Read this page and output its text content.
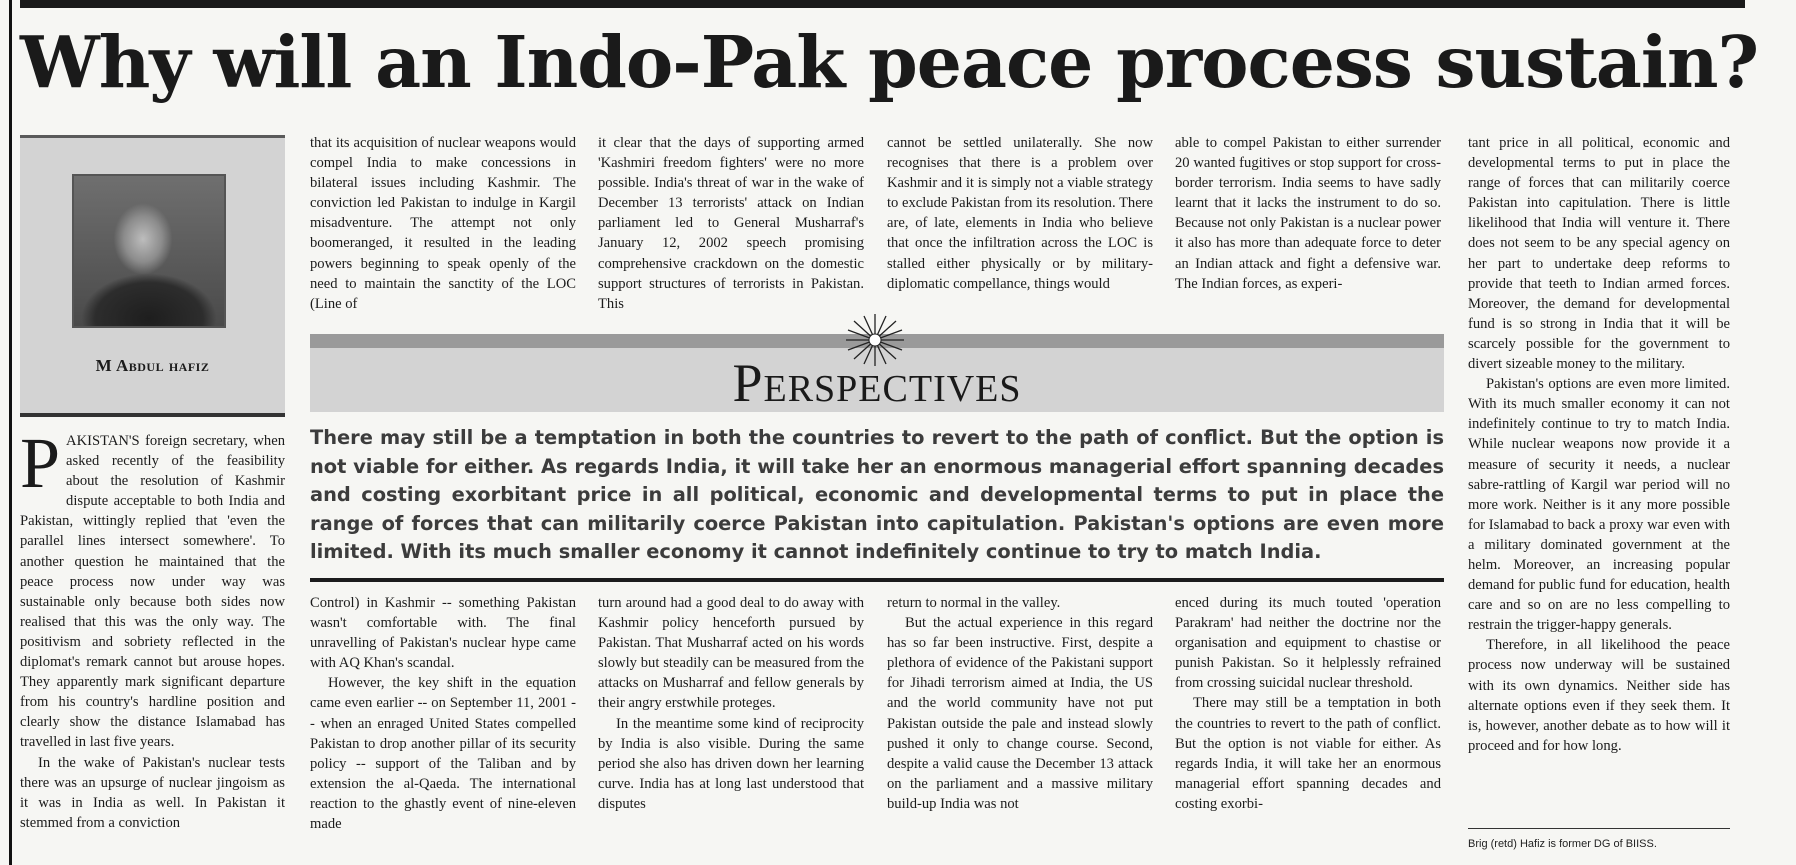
Why will an Indo-Pak peace process sustain?
M Abdul hafiz

PAKISTAN'S foreign secretary, when asked recently of the feasibility about the resolution of Kashmir dispute acceptable to both India and Pakistan, wittingly replied that 'even the parallel lines intersect somewhere'. To another question he maintained that the peace process now under way was sustainable only because both sides now realised that this was the only way. The positivism and sobriety reflected in the diplomat's remark cannot but arouse hopes. They apparently mark significant departure from his country's hardline position and clearly show the distance Islamabad has travelled in last five years.

In the wake of Pakistan's nuclear tests there was an upsurge of nuclear jingoism as it was in India as well. In Pakistan it stemmed from a conviction

that its acquisition of nuclear weapons would compel India to make concessions in bilateral issues including Kashmir. The conviction led Pakistan to indulge in Kargil misadventure. The attempt not only boomeranged, it resulted in the leading powers beginning to speak openly of the need to maintain the sanctity of the LOC (Line of

it clear that the days of supporting armed 'Kashmiri freedom fighters' were no more possible. India's threat of war in the wake of December 13 terrorists' attack on Indian parliament led to General Musharraf's January 12, 2002 speech promising comprehensive crackdown on the domestic support structures of terrorists in Pakistan. This

cannot be settled unilaterally. She now recognises that there is a problem over Kashmir and it is simply not a viable strategy to exclude Pakistan from its resolution. There are, of late, elements in India who believe that once the infiltration across the LOC is stalled either physically or by military-diplomatic compellance, things would

able to compel Pakistan to either surrender 20 wanted fugitives or stop support for cross-border terrorism. India seems to have sadly learnt that it lacks the instrument to do so. Because not only Pakistan is a nuclear power it also has more than adequate force to deter an Indian attack and fight a defensive war. The Indian forces, as experi-

Perspectives
There may still be a temptation in both the countries to revert to the path of conflict. But the option is not viable for either. As regards India, it will take her an enormous managerial effort spanning decades and costing exorbitant price in all political, economic and developmental terms to put in place the range of forces that can militarily coerce Pakistan into capitulation. Pakistan's options are even more limited. With its much smaller economy it cannot indefinitely continue to try to match India.

Control) in Kashmir -- something Pakistan wasn't comfortable with. The final unravelling of Pakistan's nuclear hype came with AQ Khan's scandal.

However, the key shift in the equation came even earlier -- on September 11, 2001 -- when an enraged United States compelled Pakistan to drop another pillar of its security policy -- support of the Taliban and by extension the al-Qaeda. The international reaction to the ghastly event of nine-eleven made

turn around had a good deal to do away with Kashmir policy henceforth pursued by Pakistan. That Musharraf acted on his words slowly but steadily can be measured from the attacks on Musharraf and fellow generals by their angry erstwhile proteges.

In the meantime some kind of reciprocity by India is also visible. During the same period she also has driven down her learning curve. India has at long last understood that disputes

return to normal in the valley.

But the actual experience in this regard has so far been instructive. First, despite a plethora of evidence of the Pakistani support for Jihadi terrorism aimed at India, the US and the world community have not put Pakistan outside the pale and instead slowly pushed it only to change course. Second, despite a valid cause the December 13 attack on the parliament and a massive military build-up India was not

enced during its much touted 'operation Parakram' had neither the doctrine nor the organisation and equipment to chastise or punish Pakistan. So it helplessly refrained from crossing suicidal nuclear threshold.

There may still be a temptation in both the countries to revert to the path of conflict. But the option is not viable for either. As regards India, it will take her an enormous managerial effort spanning decades and costing exorbi-

tant price in all political, economic and developmental terms to put in place the range of forces that can militarily coerce Pakistan into capitulation. There is little likelihood that India will venture it. There does not seem to be any special agency on her part to undertake deep reforms to provide that teeth to Indian armed forces. Moreover, the demand for developmental fund is so strong in India that it will be scarcely possible for the government to divert sizeable money to the military.

Pakistan's options are even more limited. With its much smaller economy it can not indefinitely continue to try to match India. While nuclear weapons now provide it a measure of security it needs, a nuclear sabre-rattling of Kargil war period will no more work. Neither is it any more possible for Islamabad to back a proxy war even with a military dominated government at the helm. Moreover, an increasing popular demand for public fund for education, health care and so on are no less compelling to restrain the trigger-happy generals.

Therefore, in all likelihood the peace process now underway will be sustained with its own dynamics. Neither side has alternate options even if they seek them. It is, however, another debate as to how will it proceed and for how long.

Brig (retd) Hafiz is former DG of BIISS.
